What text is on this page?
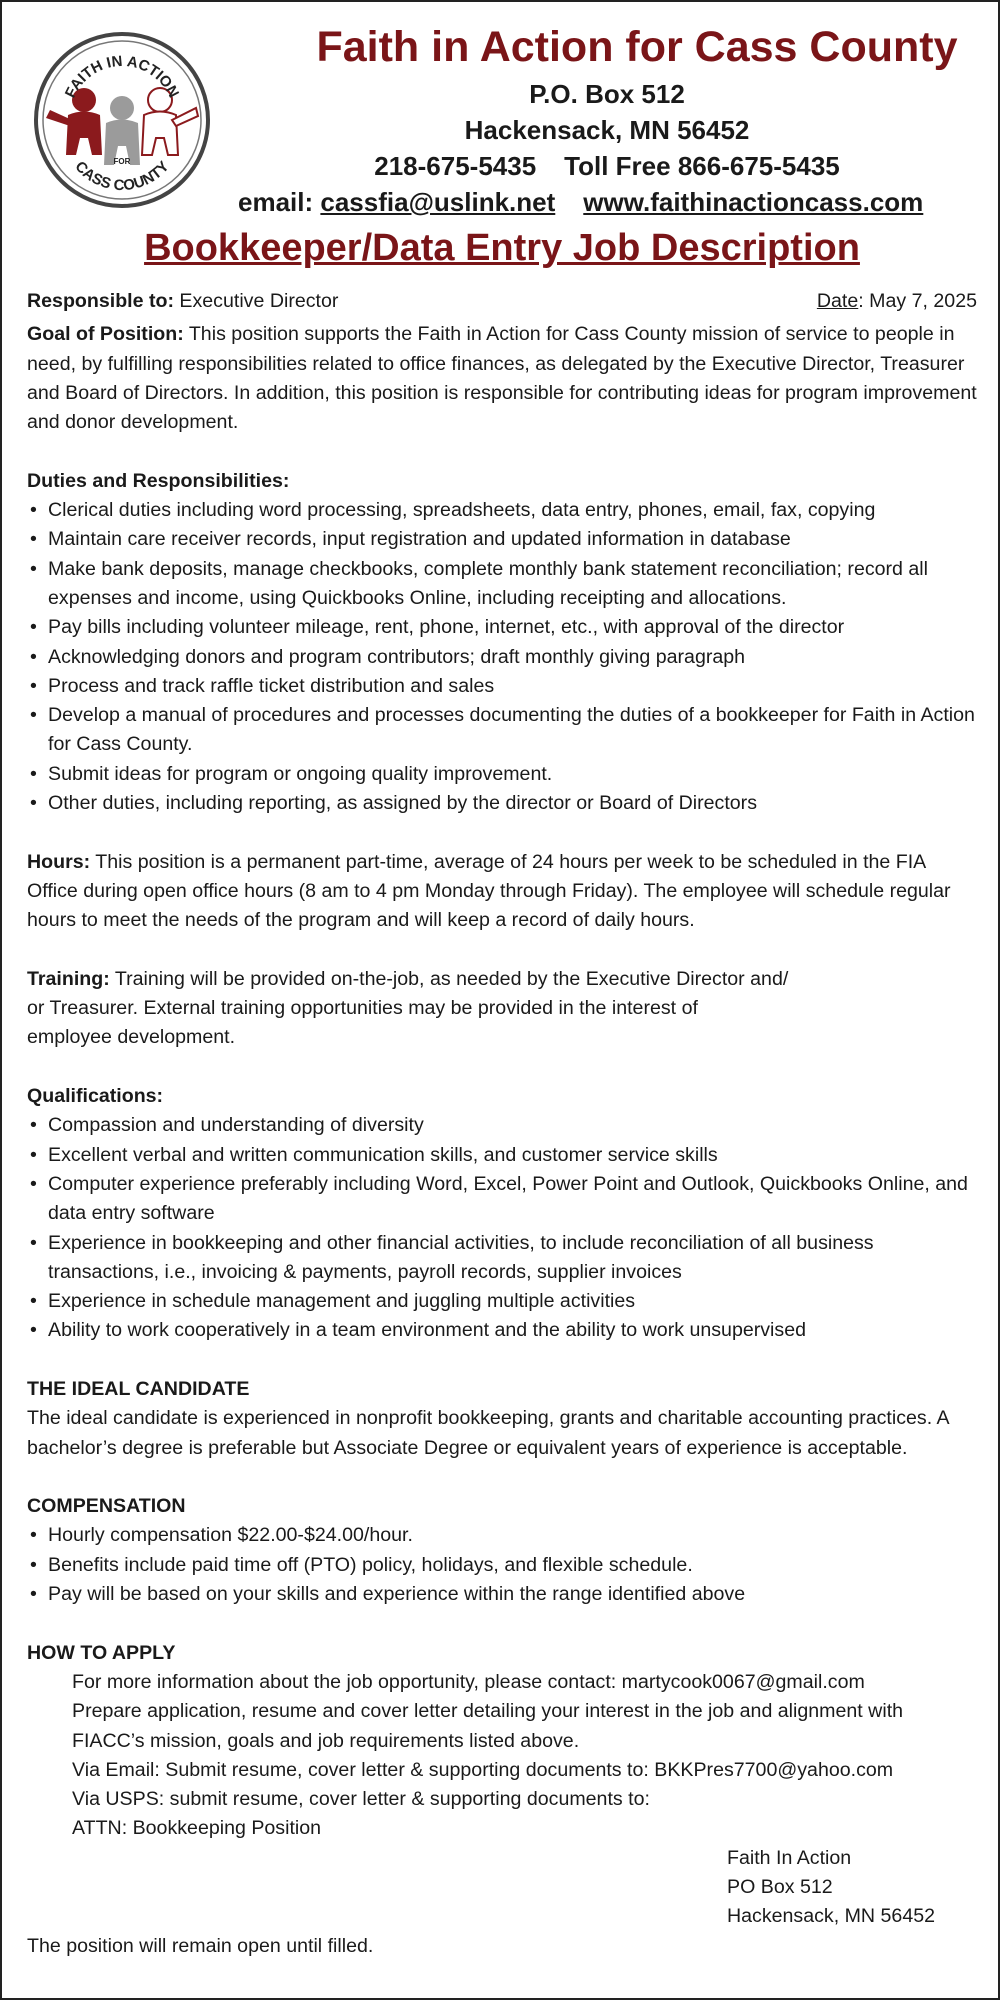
FAITH IN ACTION
FOR
CASS COUNTY
Faith in Action for Cass County
P.O. Box 512
Hackensack, MN 56452
218-675-5435 Toll Free 866-675-5435
email: cassfia@uslink.net www.faithinactioncass.com
Bookkeeper/Data Entry Job Description
Responsible to: Executive Director	Date: May 7, 2025

Goal of Position: This position supports the Faith in Action for Cass County mission of service to people in need, by fulfilling responsibilities related to office finances, as delegated by the Executive Director, Treasurer and Board of Directors. In addition, this position is responsible for contributing ideas for program improvement and donor development.

Duties and Responsibilities:
• Clerical duties including word processing, spreadsheets, data entry, phones, email, fax, copying
• Maintain care receiver records, input registration and updated information in database
• Make bank deposits, manage checkbooks, complete monthly bank statement reconciliation; record all expenses and income, using Quickbooks Online, including receipting and allocations.
• Pay bills including volunteer mileage, rent, phone, internet, etc., with approval of the director
• Acknowledging donors and program contributors; draft monthly giving paragraph
• Process and track raffle ticket distribution and sales
• Develop a manual of procedures and processes documenting the duties of a bookkeeper for Faith in Action for Cass County.
• Submit ideas for program or ongoing quality improvement.
• Other duties, including reporting, as assigned by the director or Board of Directors

Hours: This position is a permanent part-time, average of 24 hours per week to be scheduled in the FIA Office during open office hours (8 am to 4 pm Monday through Friday). The employee will schedule regular hours to meet the needs of the program and will keep a record of daily hours.

Training: Training will be provided on-the-job, as needed by the Executive Director and/
or Treasurer. External training opportunities may be provided in the interest of employee development.
Qualifications:
• Compassion and understanding of diversity
• Excellent verbal and written communication skills, and customer service skills
• Computer experience preferably including Word, Excel, Power Point and Outlook, Quickbooks Online, and data entry software
• Experience in bookkeeping and other financial activities, to include reconciliation of all business transactions, i.e., invoicing & payments, payroll records, supplier invoices
• Experience in schedule management and juggling multiple activities
• Ability to work cooperatively in a team environment and the ability to work unsupervised
THE IDEAL CANDIDATE

The ideal candidate is experienced in nonprofit bookkeeping, grants and charitable accounting practices. A bachelor’s degree is preferable but Associate Degree or equivalent years of experience is acceptable.

COMPENSATION
• Hourly compensation $22.00-$24.00/hour.
• Benefits include paid time off (PTO) policy, holidays, and flexible schedule.
• Pay will be based on your skills and experience within the range identified above
HOW TO APPLY
For more information about the job opportunity, please contact: martycook0067@gmail.com
Prepare application, resume and cover letter detailing your interest in the job and alignment with FIACC’s mission, goals and job requirements listed above.
Via Email: Submit resume, cover letter & supporting documents to: BKKPres7700@yahoo.com
Via USPS: submit resume, cover letter & supporting documents to:
ATTN: Bookkeeping Position
Faith In Action
PO Box 512
Hackensack, MN 56452
The position will remain open until filled.
